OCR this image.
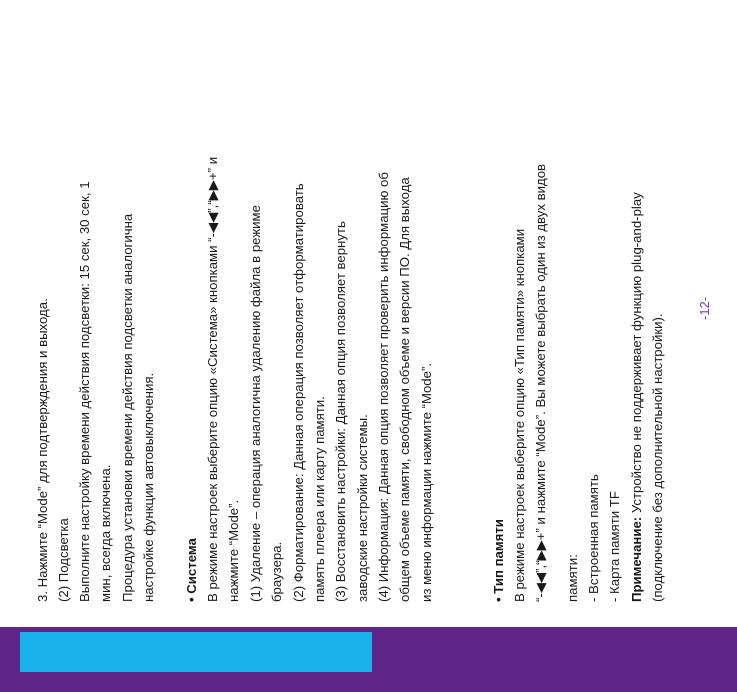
3. Нажмите “Mode” для подтверждения и выхода. (2) Подсветка Выполните настройку времени действия подсветки: 15 сек, 30 сек, 1 мин, всегда включена. Процедура установки времени действия подсветки аналогична настройке функции автовыключения. • Система В режиме настроек выберите опцию «Система» кнопками “-◀◀”,“▶▶+” и нажмите “Mode”. (1) Удаление – операция аналогична удалению файла в режиме браузера. (2) Форматирование: Данная операция позволяет отформатировать память плеера или карту памяти. (3) Восстановить настройки: Данная опция позволяет вернуть заводские настройки системы. (4) Информация: Данная опция позволяет проверить информацию об общем объеме памяти, свободном объеме и версии ПО. Для выхода из меню информации нажмите “Mode”.	• Тип памяти В режиме настроек выберите опцию «Тип памяти» кнопками “-◀◀”,“▶▶+” и нажмите “Mode”. Вы можете выбрать один из двух видов памяти: - Встроенная память - Карта памяти TF Примечание: Устройство не поддерживает функцию plug-and-play (подключение без дополнительной настройки).
-12-
